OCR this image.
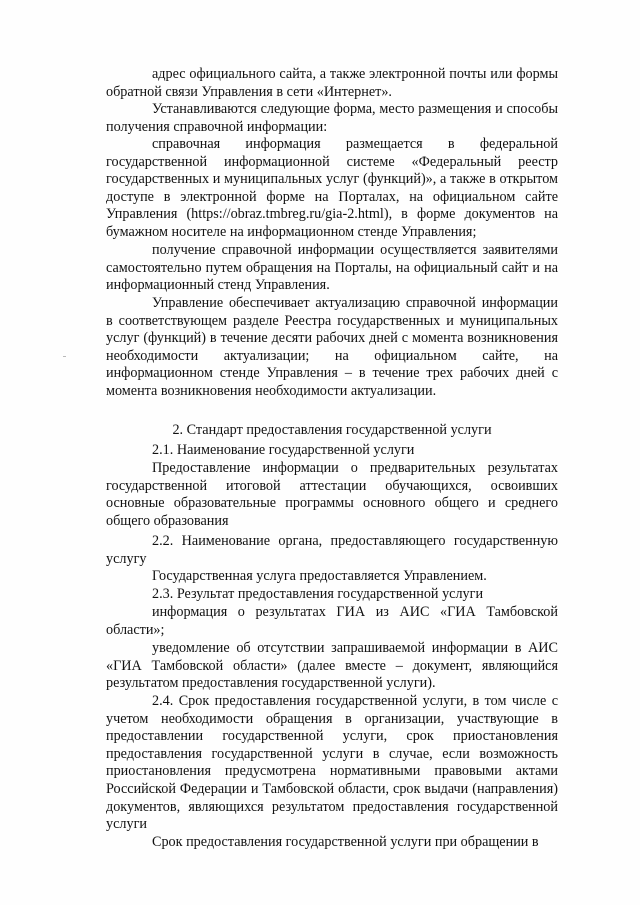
адрес официального сайта, а также электронной почты или формы обратной связи Управления в сети «Интернет».

Устанавливаются следующие форма, место размещения и способы получения справочной информации:

справочная информация размещается в федеральной государственной информационной системе «Федеральный реестр государственных и муниципальных услуг (функций)», а также в открытом доступе в электронной форме на Порталах, на официальном сайте Управления (https://obraz.tmbreg.ru/gia-2.html), в форме документов на бумажном носителе на информационном стенде Управления;

получение справочной информации осуществляется заявителями самостоятельно путем обращения на Порталы, на официальный сайт и на информационный стенд Управления.

Управление обеспечивает актуализацию справочной информации в соответствующем разделе Реестра государственных и муниципальных услуг (функций) в течение десяти рабочих дней с момента возникновения необходимости актуализации; на официальном сайте, на информационном стенде Управления – в течение трех рабочих дней с момента возникновения необходимости актуализации.

2. Стандарт предоставления государственной услуги

2.1. Наименование государственной услуги

Предоставление информации о предварительных результатах государственной итоговой аттестации обучающихся, освоивших основные образовательные программы основного общего и среднего общего образования

2.2. Наименование органа, предоставляющего государственную услугу

Государственная услуга предоставляется Управлением.

2.3. Результат предоставления государственной услуги

информация о результатах ГИА из АИС «ГИА Тамбовской области»;

уведомление об отсутствии запрашиваемой информации в АИС «ГИА Тамбовской области» (далее вместе – документ, являющийся результатом предоставления государственной услуги).

2.4. Срок предоставления государственной услуги, в том числе с учетом необходимости обращения в организации, участвующие в предоставлении государственной услуги, срок приостановления предоставления государственной услуги в случае, если возможность приостановления предусмотрена нормативными правовыми актами Российской Федерации и Тамбовской области, срок выдачи (направления) документов, являющихся результатом предоставления государственной услуги

Срок предоставления государственной услуги при обращении в
